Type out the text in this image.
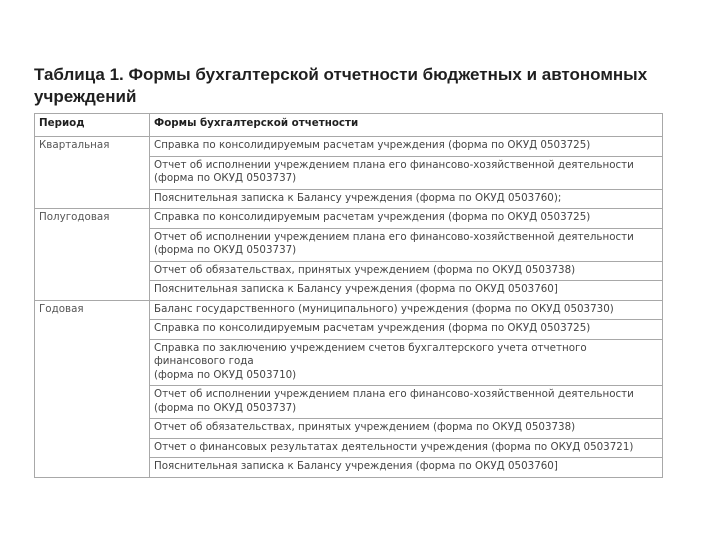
Таблица 1. Формы бухгалтерской отчетности бюджетных и автономных учреждений
Период	Формы бухгалтерской отчетности
Квартальная	Справка по консолидируемым расчетам учреждения (форма по ОКУД 0503725)

	Отчет об исполнении учреждением плана его финансово-хозяйственной деятельности
(форма по ОКУД 0503737)

	Пояснительная записка к Балансу учреждения (форма по ОКУД 0503760);

Полугодовая	Справка по консолидируемым расчетам учреждения (форма по ОКУД 0503725)

	Отчет об исполнении учреждением плана его финансово-хозяйственной деятельности
(форма по ОКУД 0503737)

	Отчет об обязательствах, принятых учреждением (форма по ОКУД 0503738)

	Пояснительная записка к Балансу учреждения (форма по ОКУД 0503760]

Годовая	Баланс государственного (муниципального) учреждения (форма по ОКУД 0503730)

	Справка по консолидируемым расчетам учреждения (форма по ОКУД 0503725)

	Справка по заключению учреждением счетов бухгалтерского учета отчетного финансового года
(форма по ОКУД 0503710)

	Отчет об исполнении учреждением плана его финансово-хозяйственной деятельности
(форма по ОКУД 0503737)

	Отчет об обязательствах, принятых учреждением (форма по ОКУД 0503738)

	Отчет о финансовых результатах деятельности учреждения (форма по ОКУД 0503721)

	Пояснительная записка к Балансу учреждения (форма по ОКУД 0503760]
